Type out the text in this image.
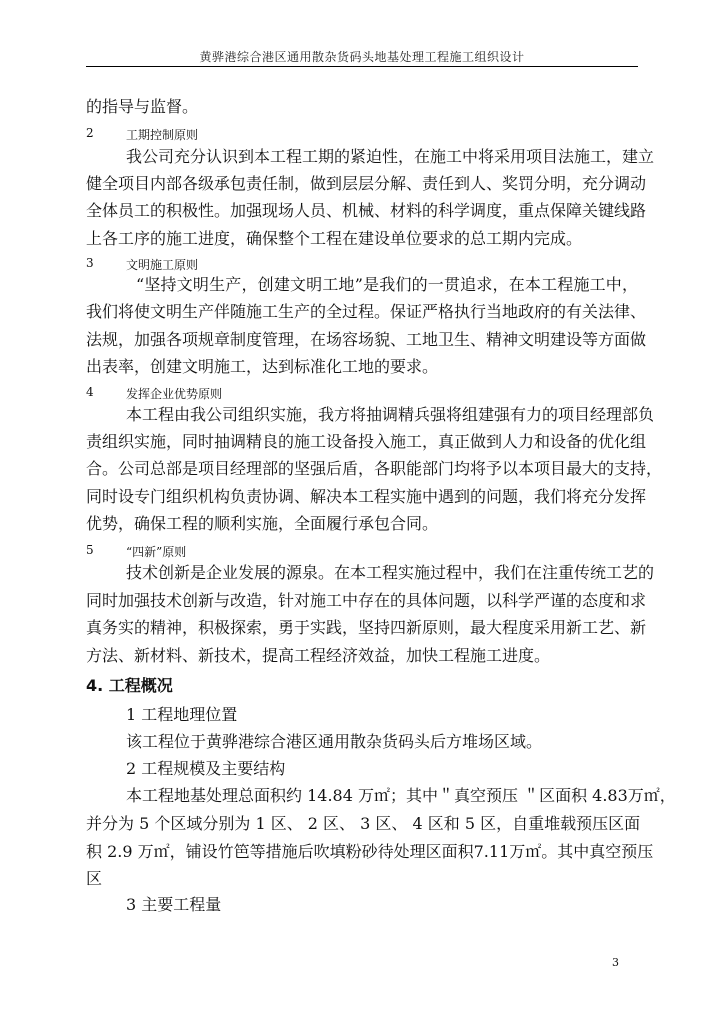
黄骅港综合港区通用散杂货码头地基处理工程施工组织设计
的指导与监督。
2	工期控制原则
我公司充分认识到本工程工期的紧迫性，在施工中将采用项目法施工，建立
健全项目内部各级承包责任制，做到层层分解、责任到人、奖罚分明，充分调动
全体员工的积极性。加强现场人员、机械、材料的科学调度，重点保障关键线路
上各工序的施工进度，确保整个工程在建设单位要求的总工期内完成。
3	文明施工原则
“坚持文明生产，创建文明工地”是我们的一贯追求，在本工程施工中，
我们将使文明生产伴随施工生产的全过程。保证严格执行当地政府的有关法律、
法规，加强各项规章制度管理，在场容场貌、工地卫生、精神文明建设等方面做
出表率，创建文明施工，达到标准化工地的要求。
4	发挥企业优势原则
本工程由我公司组织实施，我方将抽调精兵强将组建强有力的项目经理部负
责组织实施，同时抽调精良的施工设备投入施工，真正做到人力和设备的优化组
合。公司总部是项目经理部的坚强后盾，各职能部门均将予以本项目最大的支持，
同时设专门组织机构负责协调、解决本工程实施中遇到的问题，我们将充分发挥
优势，确保工程的顺利实施，全面履行承包合同。
5	“四新”原则
技术创新是企业发展的源泉。在本工程实施过程中，我们在注重传统工艺的
同时加强技术创新与改造，针对施工中存在的具体问题，以科学严谨的态度和求
真务实的精神，积极探索，勇于实践，坚持四新原则，最大程度采用新工艺、新
方法、新材料、新技术，提高工程经济效益，加快工程施工进度。
4. 工程概况
1 工程地理位置
该工程位于黄骅港综合港区通用散杂货码头后方堆场区域。
2 工程规模及主要结构
本工程地基处理总面积约 14.84 万㎡；其中＂真空预压 ＂区面积 4.83万㎡，
并分为 5 个区域分别为 1 区、 2 区、 3 区、 4 区和 5 区，自重堆载预压区面
积 2.9 万㎡，铺设竹笆等措施后吹填粉砂待处理区面积7.11万㎡。其中真空预压
区
3 主要工程量
3
